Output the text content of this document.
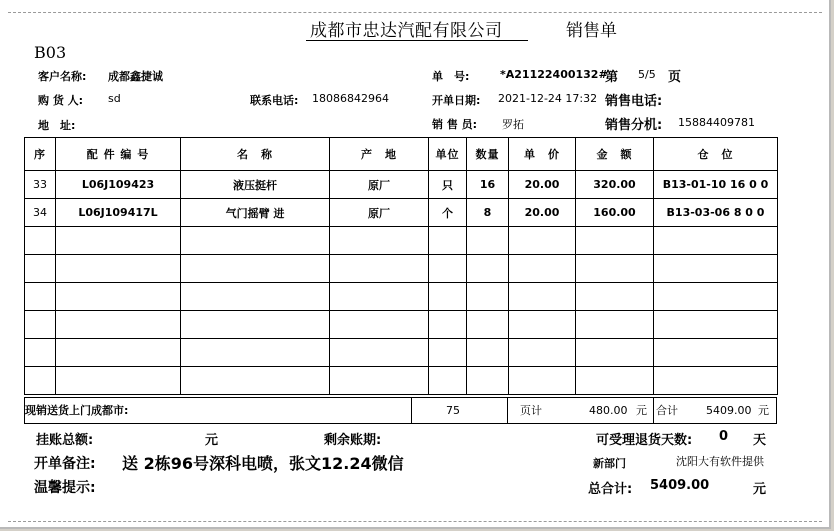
成都市忠达汽配有限公司	销售单
B03
客户名称: 成都鑫捷诚	单　号:	*A21122400132#
第 5/5 页
购 货 人: sd	联系电话: 18086842964	开单日期: 2021-12-24 17:32 销售电话:
地　址:	销 售 员: 罗拓	销售分机: 15884409781
序	配 件 编 号	名　称	产　地	单位	数量	单　价	金　额	仓　位
33	L06J109423	液压挺杆	原厂	只	16	20.00	320.00	B13-01-10 16 0 0
34	L06J109417L	气门摇臂 进	原厂	个	8	20.00	160.00	B13-03-06 8 0 0

现销送货上门成都市:	75	页计	480.00 元 合计	5409.00 元
挂账总额:	元	剩余账期:	可受理退货天数: 0 天
开单备注: 送 2栋96号深科电喷，张文12.24微信	新部门	沈阳大有软件提供
温馨提示:	总合计: 5409.00	元
